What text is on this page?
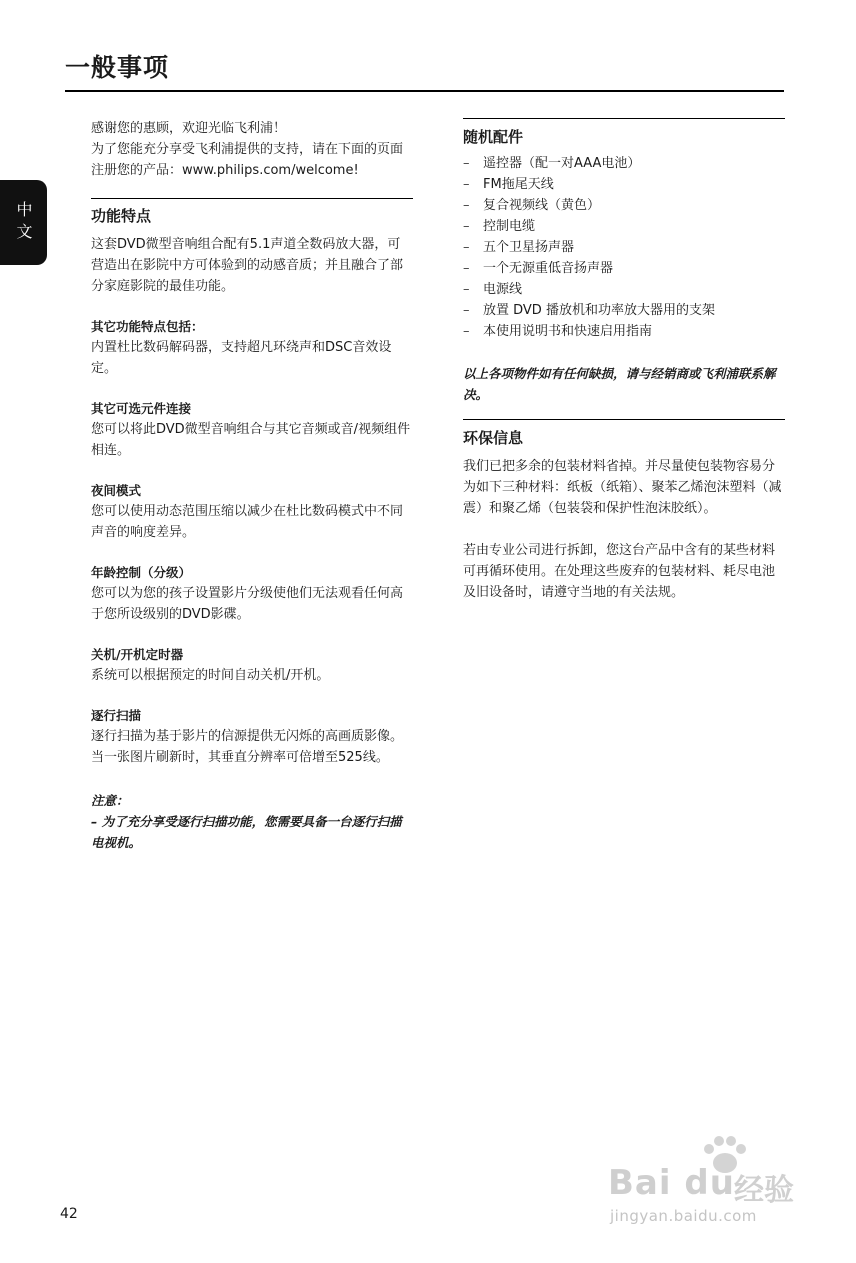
一般事项
中文

感谢您的惠顾，欢迎光临飞利浦！

为了您能充分享受飞利浦提供的支持，请在下面的页面注册您的产品：www.philips.com/welcome!

功能特点

这套DVD微型音响组合配有5.1声道全数码放大器，可营造出在影院中方可体验到的动感音质；并且融合了部分家庭影院的最佳功能。

其它功能特点包括：

内置杜比数码解码器，支持超凡环绕声和DSC音效设定。

其它可选元件连接

您可以将此DVD微型音响组合与其它音频或音/视频组件相连。

夜间模式

您可以使用动态范围压缩以减少在杜比数码模式中不同声音的响度差异。

年龄控制（分级）

您可以为您的孩子设置影片分级使他们无法观看任何高于您所设级别的DVD影碟。

关机/开机定时器

系统可以根据预定的时间自动关机/开机。

逐行扫描

逐行扫描为基于影片的信源提供无闪烁的高画质影像。当一张图片刷新时，其垂直分辨率可倍增至525线。

注意：

– 为了充分享受逐行扫描功能，您需要具备一台逐行扫描电视机。

随机配件
– 遥控器（配一对AAA电池）
– FM拖尾天线
– 复合视频线（黄色）
– 控制电缆
– 五个卫星扬声器
– 一个无源重低音扬声器
– 电源线
– 放置 DVD 播放机和功率放大器用的支架
– 本使用说明书和快速启用指南

以上各项物件如有任何缺损，请与经销商或飞利浦联系解决。

环保信息

我们已把多余的包装材料省掉。并尽量使包装物容易分为如下三种材料：纸板（纸箱）、聚苯乙烯泡沫塑料（减震）和聚乙烯（包装袋和保护性泡沫胶纸）。

若由专业公司进行拆卸，您这台产品中含有的某些材料可再循环使用。在处理这些废弃的包装材料、耗尽电池及旧设备时，请遵守当地的有关法规。

42
Bai du 经验
jingyan.baidu.com
